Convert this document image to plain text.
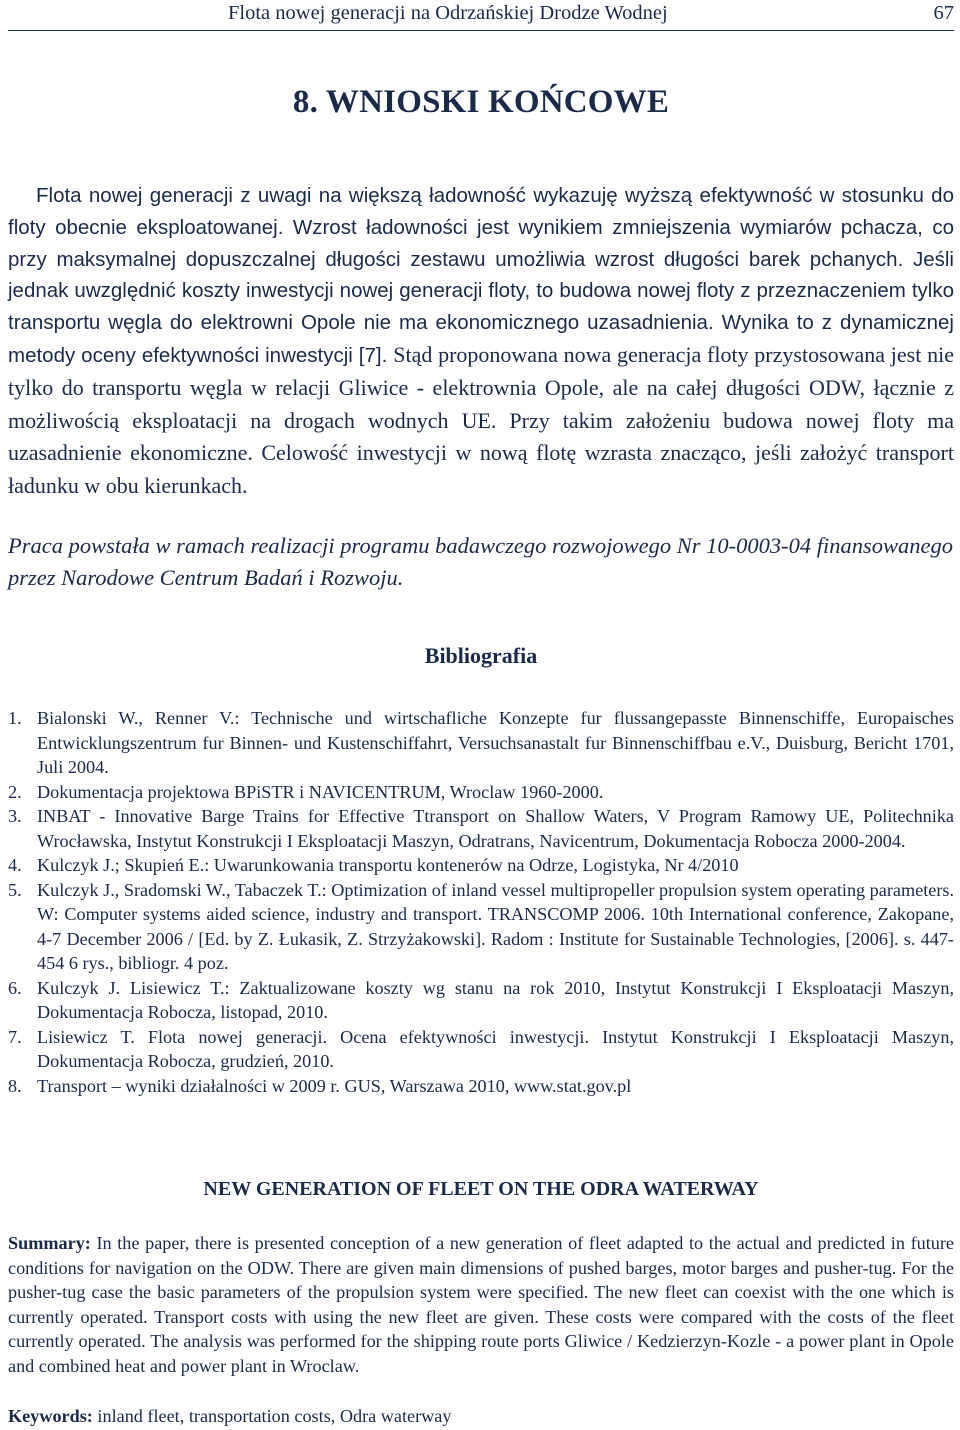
Flota nowej generacji na Odrzańskiej Drodze Wodnej	67
8. WNIOSKI KOŃCOWE

Flota nowej generacji z uwagi na większą ładowność wykazuję wyższą efektywność w stosunku do floty obecnie eksploatowanej. Wzrost ładowności jest wynikiem zmniejszenia wymiarów pchacza, co przy maksymalnej dopuszczalnej długości zestawu umożliwia wzrost długości barek pchanych. Jeśli jednak uwzględnić koszty inwestycji nowej generacji floty, to budowa nowej floty z przeznaczeniem tylko transportu węgla do elektrowni Opole nie ma ekonomicznego uzasadnienia. Wynika to z dynamicznej metody oceny efektywności inwestycji [7]. Stąd proponowana nowa generacja floty przystosowana jest nie tylko do transportu węgla w relacji Gliwice - elektrownia Opole, ale na całej długości ODW, łącznie z możliwością eksploatacji na drogach wodnych UE. Przy takim założeniu budowa nowej floty ma uzasadnienie ekonomiczne. Celowość inwestycji w nową flotę wzrasta znacząco, jeśli założyć transport ładunku w obu kierunkach.

Praca powstała w ramach realizacji programu badawczego rozwojowego Nr 10-0003-04 finansowanego przez Narodowe Centrum Badań i Rozwoju.

Bibliografia
1. Bialonski W., Renner V.: Technische und wirtschafliche Konzepte fur flussangepasste Binnenschiffe, Europaisches Entwicklungszentrum fur Binnen- und Kustenschiffahrt, Versuchsanastalt fur Binnenschiffbau e.V., Duisburg, Bericht 1701, Juli 2004.
2. Dokumentacja projektowa BPiSTR i NAVICENTRUM, Wroclaw 1960-2000.
3. INBAT - Innovative Barge Trains for Effective Ttransport on Shallow Waters, V Program Ramowy UE, Politechnika Wrocławska, Instytut Konstrukcji I Eksploatacji Maszyn, Odratrans, Navicentrum, Dokumentacja Robocza 2000-2004.
4. Kulczyk J.; Skupień E.: Uwarunkowania transportu kontenerów na Odrze, Logistyka, Nr 4/2010
5. Kulczyk J., Sradomski W., Tabaczek T.: Optimization of inland vessel multipropeller propulsion system operating parameters. W: Computer systems aided science, industry and transport. TRANSCOMP 2006. 10th International conference, Zakopane, 4-7 December 2006 / [Ed. by Z. Łukasik, Z. Strzyżakowski]. Radom : Institute for Sustainable Technologies, [2006]. s. 447-454 6 rys., bibliogr. 4 poz.
6. Kulczyk J. Lisiewicz T.: Zaktualizowane koszty wg stanu na rok 2010, Instytut Konstrukcji I Eksploatacji Maszyn, Dokumentacja Robocza, listopad, 2010.
7. Lisiewicz T. Flota nowej generacji. Ocena efektywności inwestycji. Instytut Konstrukcji I Eksploatacji Maszyn, Dokumentacja Robocza, grudzień, 2010.
8. Transport – wyniki działalności w 2009 r. GUS, Warszawa 2010, www.stat.gov.pl
NEW GENERATION OF FLEET ON THE ODRA WATERWAY

Summary: In the paper, there is presented conception of a new generation of fleet adapted to the actual and predicted in future conditions for navigation on the ODW. There are given main dimensions of pushed barges, motor barges and pusher-tug. For the pusher-tug case the basic parameters of the propulsion system were specified. The new fleet can coexist with the one which is currently operated. Transport costs with using the new fleet are given. These costs were compared with the costs of the fleet currently operated. The analysis was performed for the shipping route ports Gliwice / Kedzierzyn-Kozle - a power plant in Opole and combined heat and power plant in Wroclaw.

Keywords: inland fleet, transportation costs, Odra waterway
